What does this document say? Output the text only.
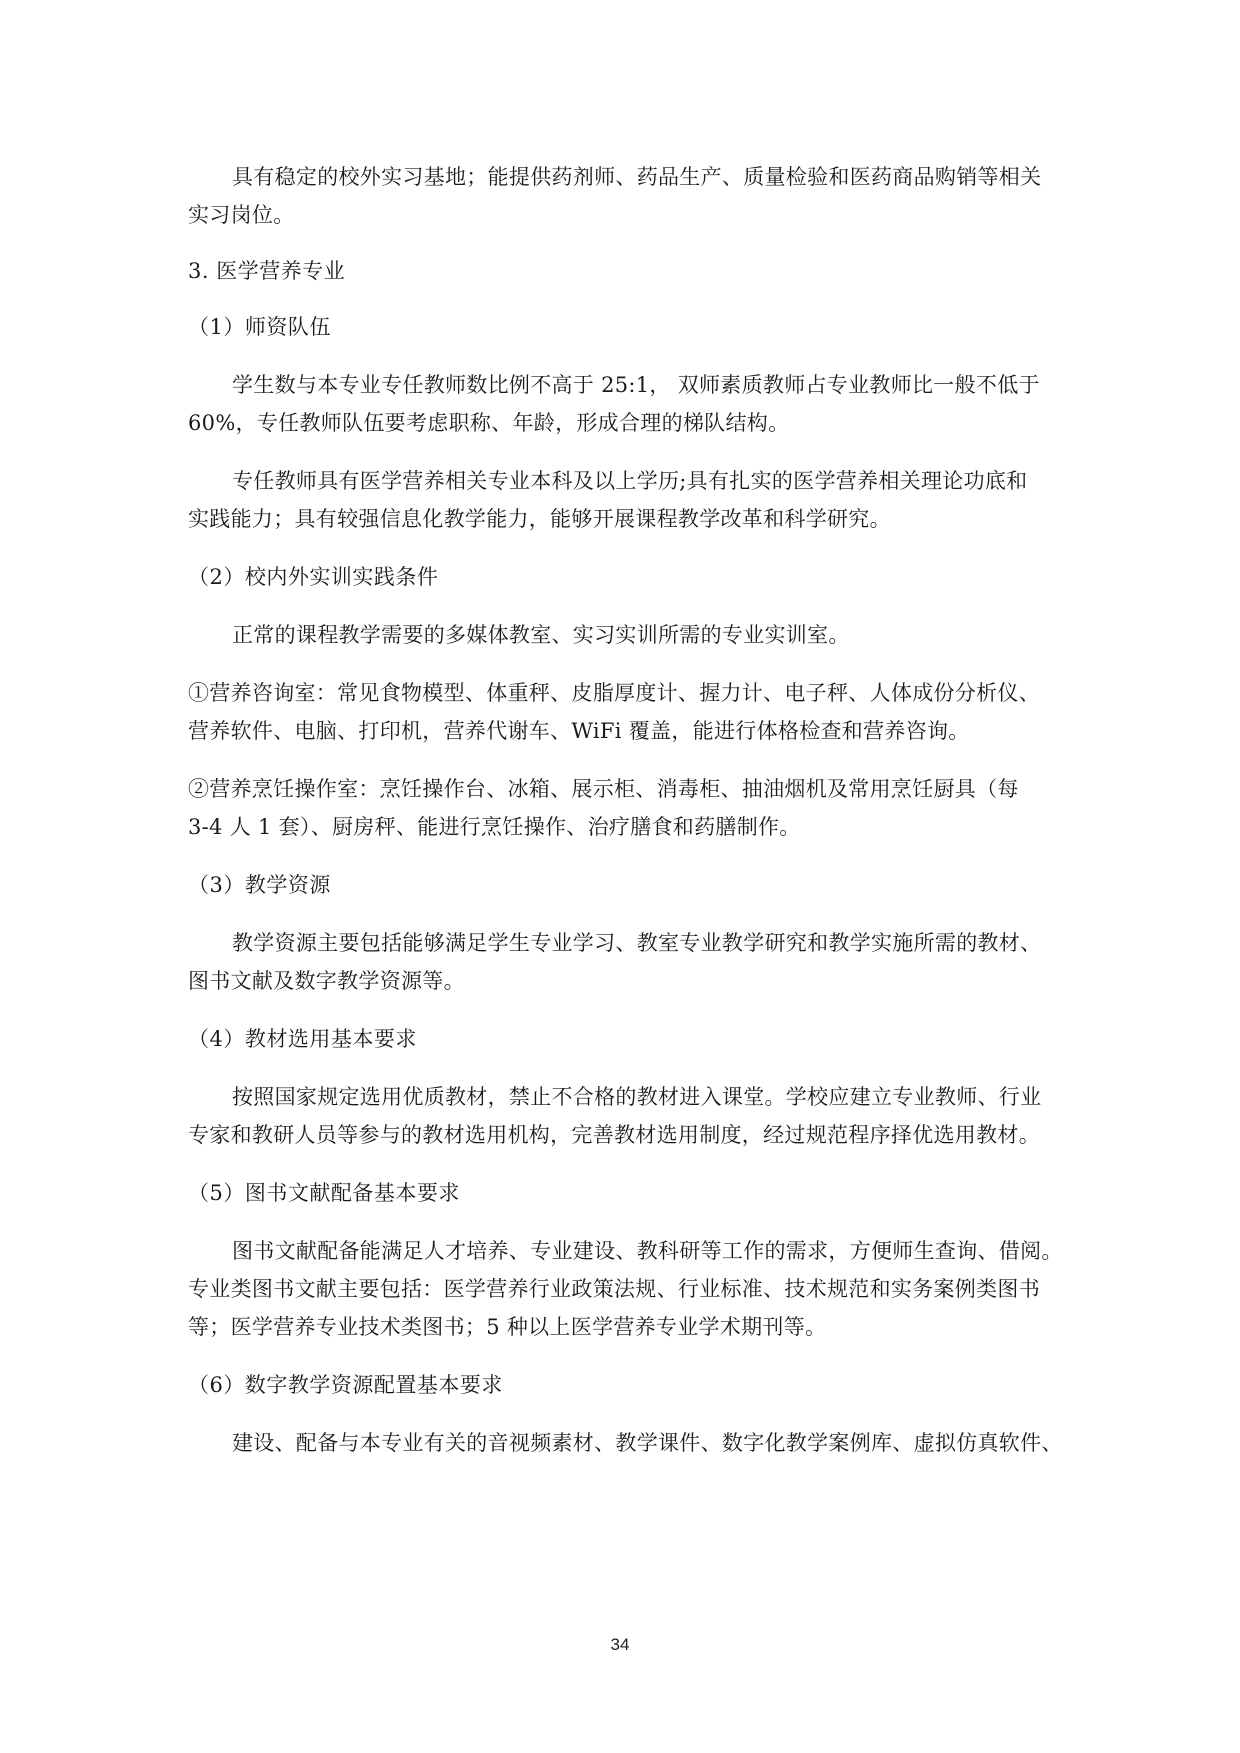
具有稳定的校外实习基地；能提供药剂师、药品生产、质量检验和医药商品购销等相关
实习岗位。
3. 医学营养专业
（1）师资队伍
学生数与本专业专任教师数比例不高于 25:1， 双师素质教师占专业教师比一般不低于
60%，专任教师队伍要考虑职称、年龄，形成合理的梯队结构。
专任教师具有医学营养相关专业本科及以上学历;具有扎实的医学营养相关理论功底和
实践能力；具有较强信息化教学能力，能够开展课程教学改革和科学研究。
（2）校内外实训实践条件
正常的课程教学需要的多媒体教室、实习实训所需的专业实训室。
①营养咨询室：常见食物模型、体重秤、皮脂厚度计、握力计、电子秤、人体成份分析仪、
营养软件、电脑、打印机，营养代谢车、WiFi 覆盖，能进行体格检查和营养咨询。
②营养烹饪操作室：烹饪操作台、冰箱、展示柜、消毒柜、抽油烟机及常用烹饪厨具（每
3-4 人 1 套）、厨房秤、能进行烹饪操作、治疗膳食和药膳制作。
（3）教学资源
教学资源主要包括能够满足学生专业学习、教室专业教学研究和教学实施所需的教材、
图书文献及数字教学资源等。
（4）教材选用基本要求
按照国家规定选用优质教材，禁止不合格的教材进入课堂。学校应建立专业教师、行业
专家和教研人员等参与的教材选用机构，完善教材选用制度，经过规范程序择优选用教材。
（5）图书文献配备基本要求
图书文献配备能满足人才培养、专业建设、教科研等工作的需求，方便师生查询、借阅。
专业类图书文献主要包括：医学营养行业政策法规、行业标准、技术规范和实务案例类图书
等；医学营养专业技术类图书；5 种以上医学营养专业学术期刊等。
（6）数字教学资源配置基本要求
建设、配备与本专业有关的音视频素材、教学课件、数字化教学案例库、虚拟仿真软件、
34
